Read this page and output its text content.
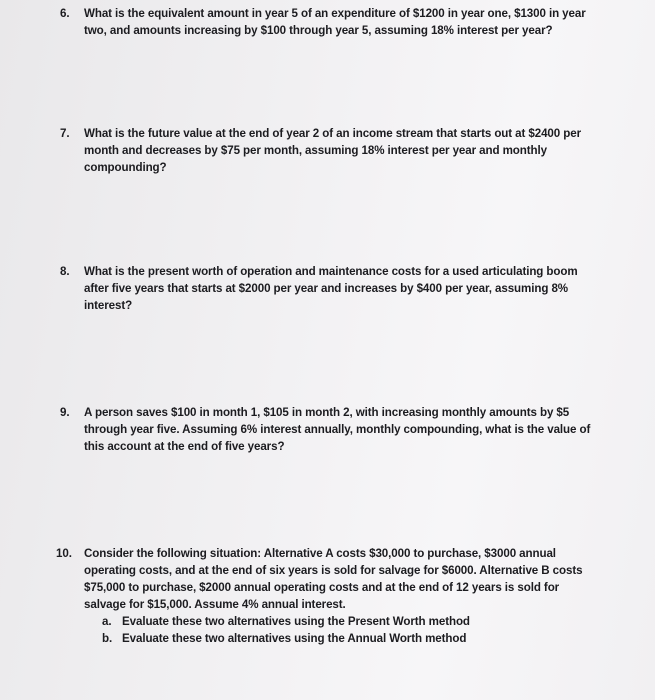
6.	What is the equivalent amount in year 5 of an expenditure of $1200 in year one, $1300 in year two, and amounts increasing by $100 through year 5, assuming 18% interest per year?
7.	What is the future value at the end of year 2 of an income stream that starts out at $2400 per month and decreases by $75 per month, assuming 18% interest per year and monthly compounding?
8.	What is the present worth of operation and maintenance costs for a used articulating boom after five years that starts at $2000 per year and increases by $400 per year, assuming 8% interest?
9.	A person saves $100 in month 1, $105 in month 2, with increasing monthly amounts by $5 through year five. Assuming 6% interest annually, monthly compounding, what is the value of this account at the end of five years?
10.	Consider the following situation: Alternative A costs $30,000 to purchase, $3000 annual operating costs, and at the end of six years is sold for salvage for $6000. Alternative B costs $75,000 to purchase, $2000 annual operating costs and at the end of 12 years is sold for salvage for $15,000. Assume 4% annual interest.
a. Evaluate these two alternatives using the Present Worth method
b. Evaluate these two alternatives using the Annual Worth method
